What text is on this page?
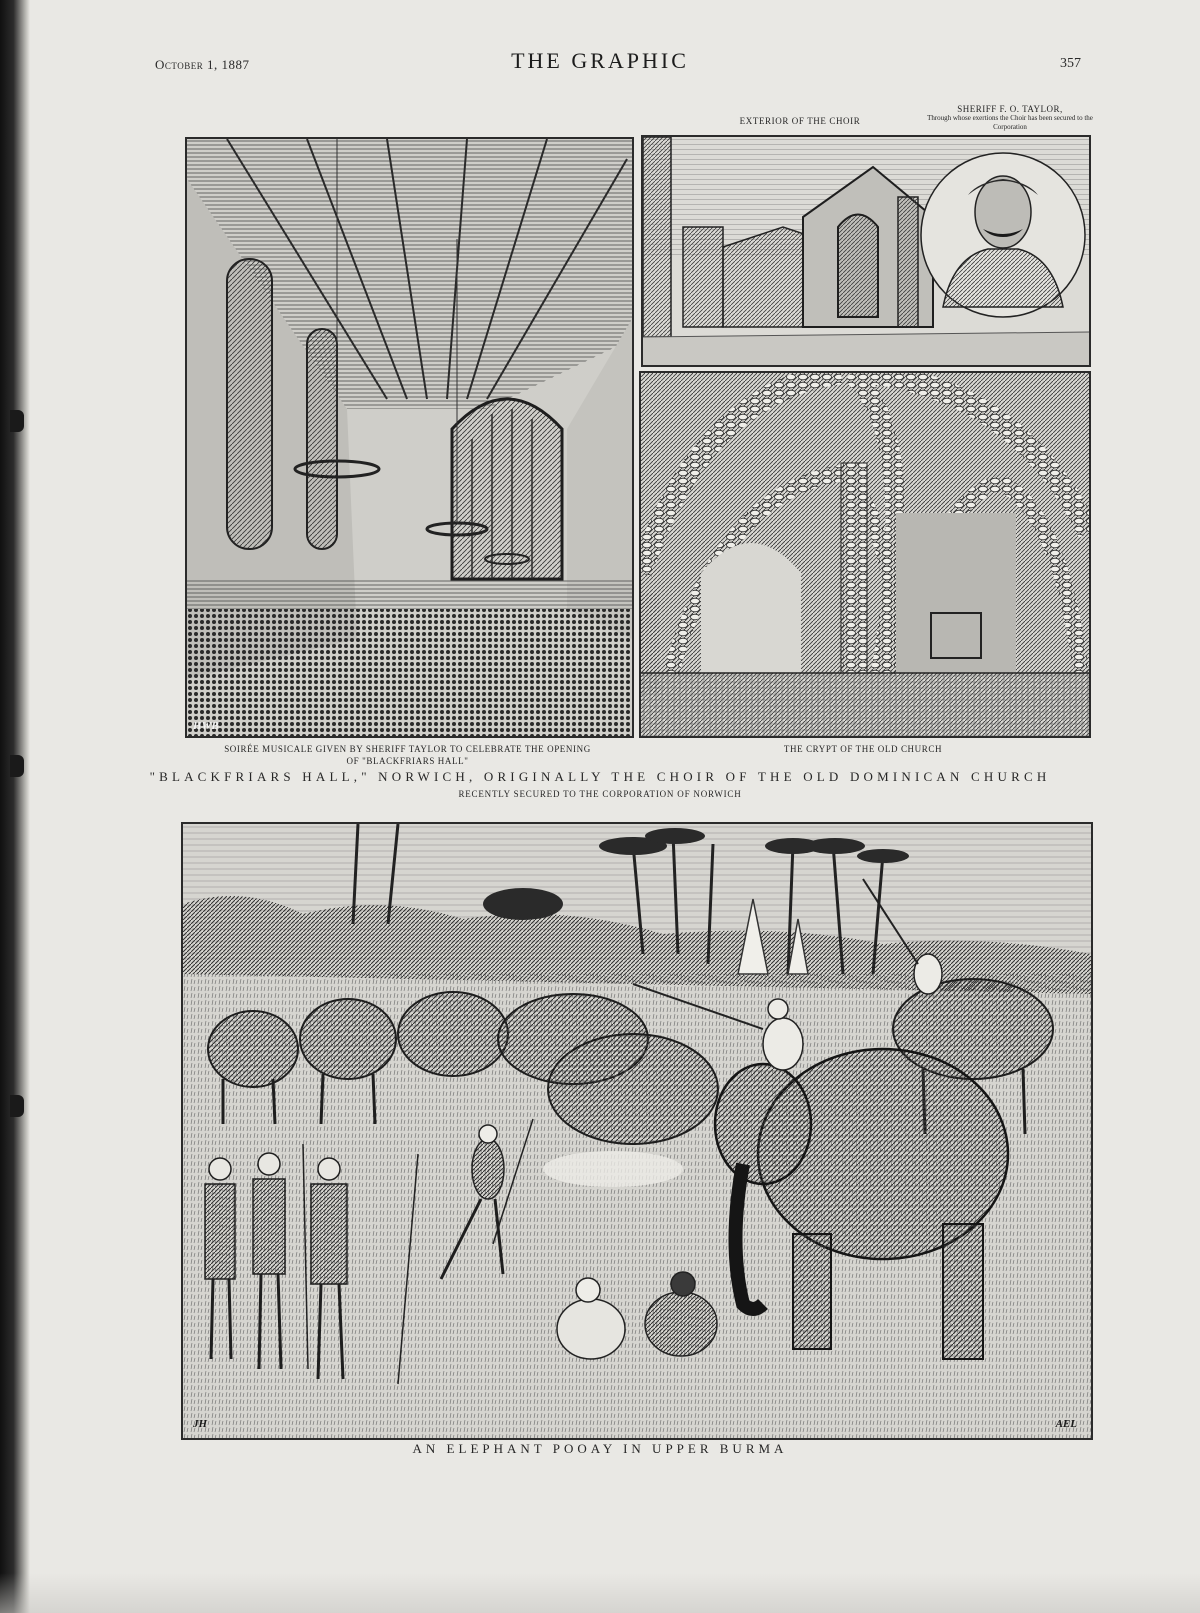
October 1, 1887	THE GRAPHIC	357
EXTERIOR OF THE CHOIR
SHERIFF F. O. TAYLOR,
Through whose exertions the Choir has been secured to the Corporation
HWB
SOIRÉE MUSICALE GIVEN BY SHERIFF TAYLOR TO CELEBRATE THE OPENING
OF "BLACKFRIARS HALL"
THE CRYPT OF THE OLD CHURCH
"BLACKFRIARS HALL," NORWICH, ORIGINALLY THE CHOIR OF THE OLD DOMINICAN CHURCH
RECENTLY SECURED TO THE CORPORATION OF NORWICH
JH	AEL
AN ELEPHANT POOAY IN UPPER BURMA
